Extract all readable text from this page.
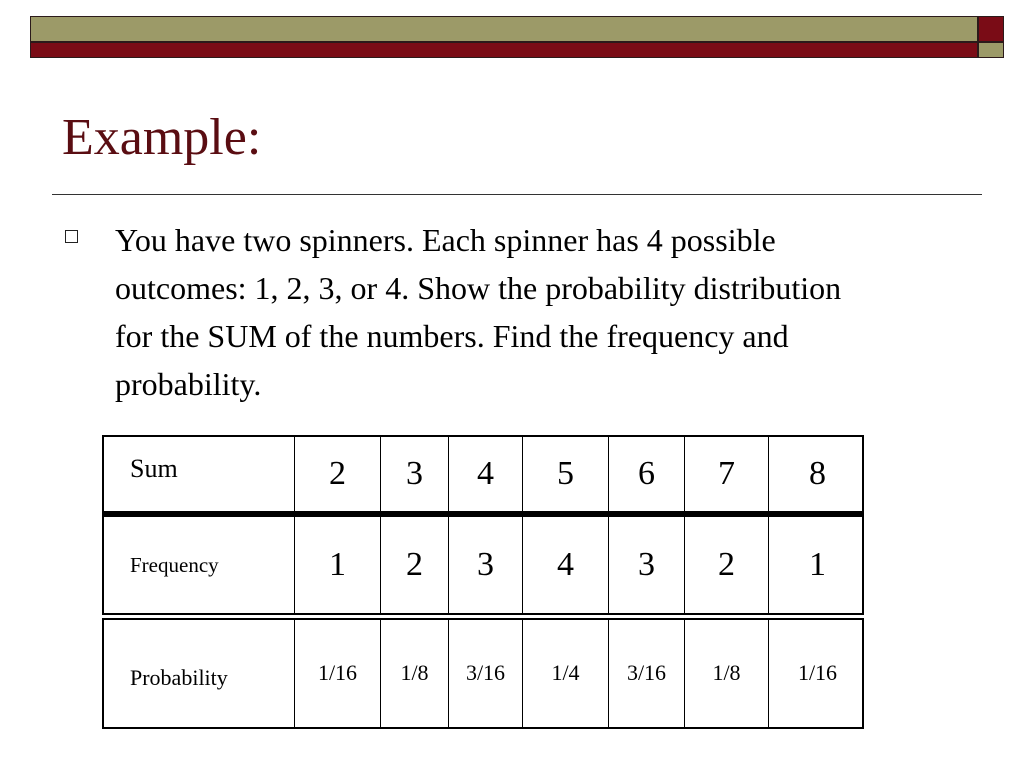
Example:

You have two spinners. Each spinner has 4 possible outcomes: 1, 2, 3, or 4. Show the probability distribution for the SUM of the numbers. Find the frequency and probability.

Sum	2	3	4	5	6	7	8
Frequency	1	2	3	4	3	2	1
Probability	1/16	1/8	3/16	1/4	3/16	1/8	1/16
